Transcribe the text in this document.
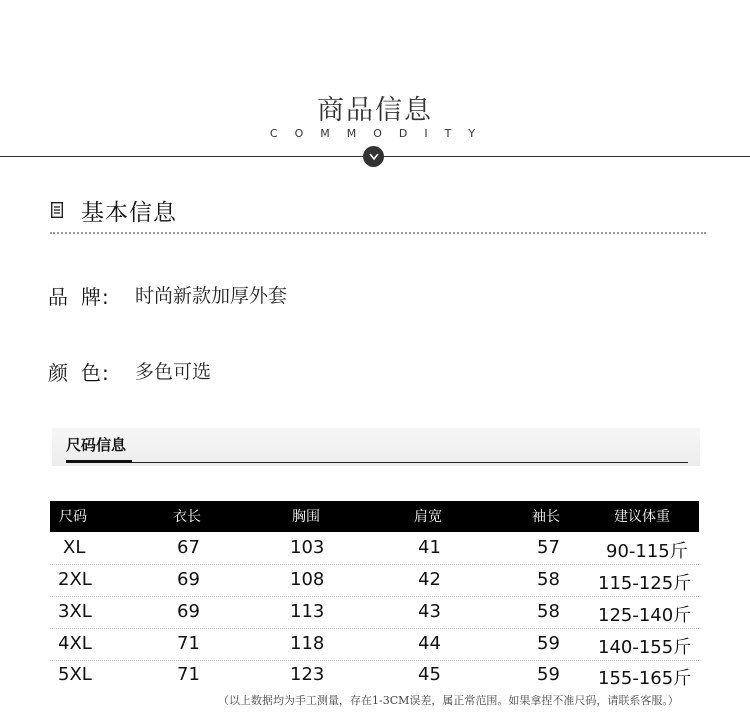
商品信息
COMMODITY
基本信息
品 牌: 时尚新款加厚外套
颜 色: 多色可选
尺码信息
尺码	衣长	胸围	肩宽	袖长	建议体重
XL	67	103	41	57	90-115斤
2XL	69	108	42	58 115-125斤
3XL	69	113	43	58 125-140斤
4XL	71	118	44	59 140-155斤
5XL	71	123	45	59 155-165斤
（以上数据均为手工测量，存在1-3CM误差，属正常范围。如果拿捏不准尺码，请联系客服。）
